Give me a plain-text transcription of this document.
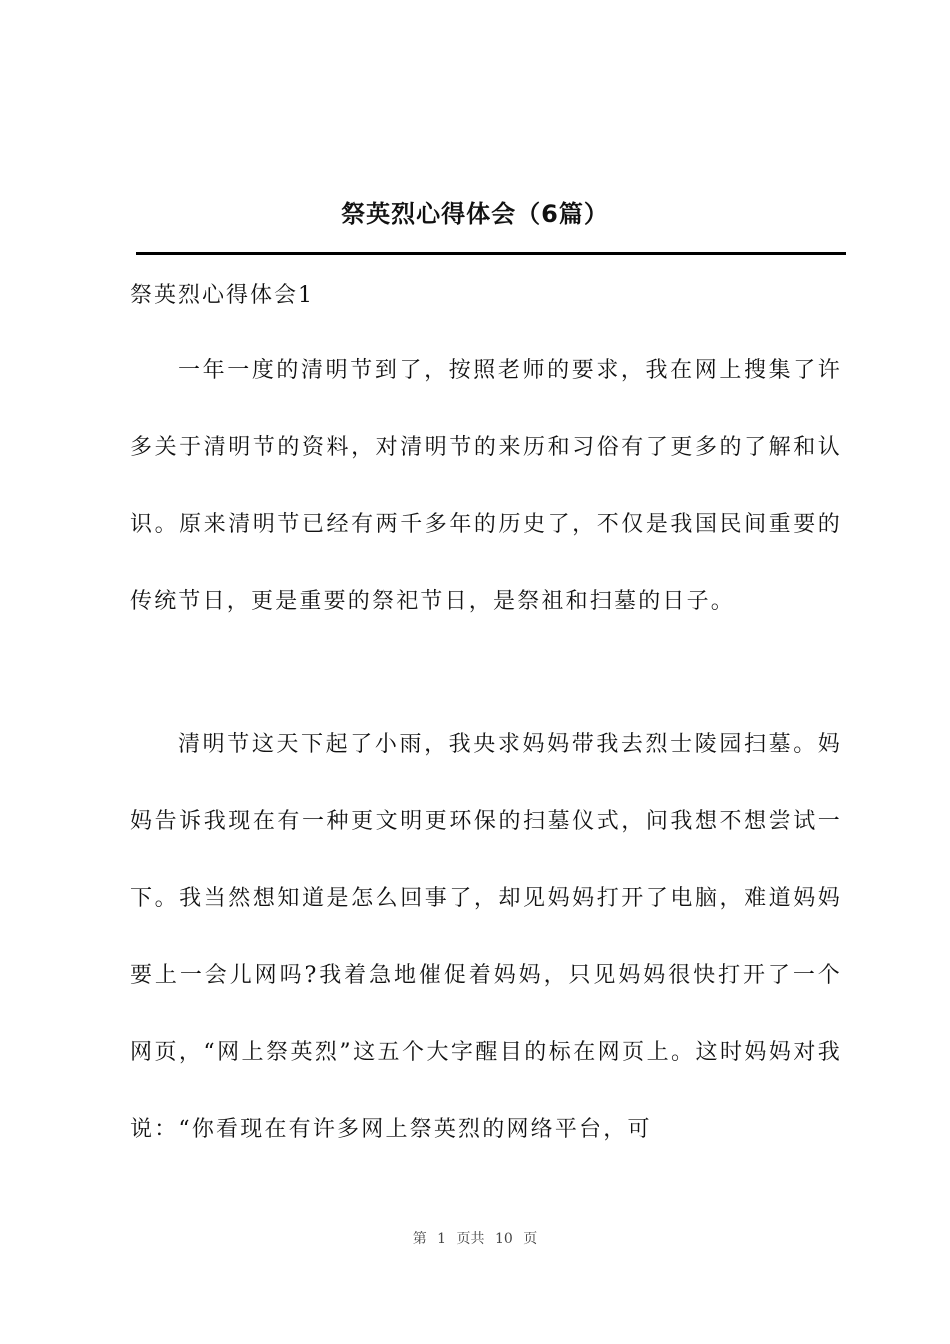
祭英烈心得体会（6篇）
祭英烈心得体会1

一年一度的清明节到了，按照老师的要求，我在网上搜集了许多关于清明节的资料，对清明节的来历和习俗有了更多的了解和认识。原来清明节已经有两千多年的历史了，不仅是我国民间重要的传统节日，更是重要的祭祀节日，是祭祖和扫墓的日子。

清明节这天下起了小雨，我央求妈妈带我去烈士陵园扫墓。妈妈告诉我现在有一种更文明更环保的扫墓仪式，问我想不想尝试一下。我当然想知道是怎么回事了，却见妈妈打开了电脑，难道妈妈要上一会儿网吗?我着急地催促着妈妈，只见妈妈很快打开了一个网页，“网上祭英烈”这五个大字醒目的标在网页上。这时妈妈对我说：“你看现在有许多网上祭英烈的网络平台，可

第 1 页共 10 页
